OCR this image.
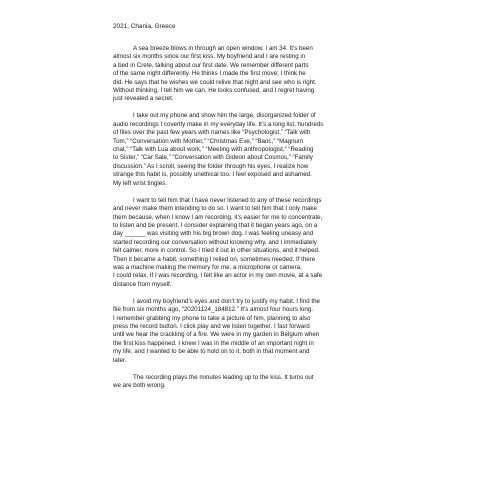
2021, Chania, Greece

A sea breeze blows in through an open window. I am 34. It’s been
almost six months since our first kiss. My boyfriend and I are resting in
a bed in Crete, talking about our first date. We remember different parts
of the same night differently. He thinks I made the first move; I think he
did. He says that he wishes we could relive that night and see who is right.
Without thinking, I tell him we can. He looks confused, and I regret having
just revealed a secret.

I take out my phone and show him the large, disorganized folder of
audio recordings I covertly make in my everyday life. It’s a long list, hundreds
of files over the past few years with names like “Psychologist,” “Talk with
Tom,” “Conversation with Mother,” “Christmas Eve,” “Banc,” “Magnum
chat,” “Talk with Lua about work,” “Meeting with anthropologist,” “Reading
to Sister,” “Car Sale,” “Conversation with Gideon about Cosmos,” “Family
discussion.” As I scroll, seeing the folder through his eyes, I realize how
strange this habit is, possibly unethical too. I feel exposed and ashamed.
My left wrist tingles.

I want to tell him that I have never listened to any of these recordings
and never make them intending to do so. I want to tell him that I only make
them because, when I know I am recording, it’s easier for me to concentrate,
to listen and be present. I consider explaining that it began years ago, on a
day ______ was visiting with his big brown dog. I was feeling uneasy and
started recording our conversation without knowing why, and I immediately
felt calmer, more in control. So I tried it out in other situations, and it helped.
Then it became a habit, something I relied on, sometimes needed. If there
was a machine making the memory for me, a microphone or camera,
I could relax. If I was recording, I felt like an actor in my own movie, at a safe
distance from myself.

I avoid my boyfriend’s eyes and don’t try to justify my habit. I find the
file from six months ago, “20201124_184812.” It’s almost four hours long.
I remember grabbing my phone to take a picture of him, planning to also
press the record button. I click play and we listen together. I fast forward
until we hear the crackling of a fire. We were in my garden in Belgium when
the first kiss happened. I knew I was in the middle of an important night in
my life, and I wanted to be able to hold on to it, both in that moment and
later.

The recording plays the minutes leading up to the kiss. It turns out
we are both wrong.
